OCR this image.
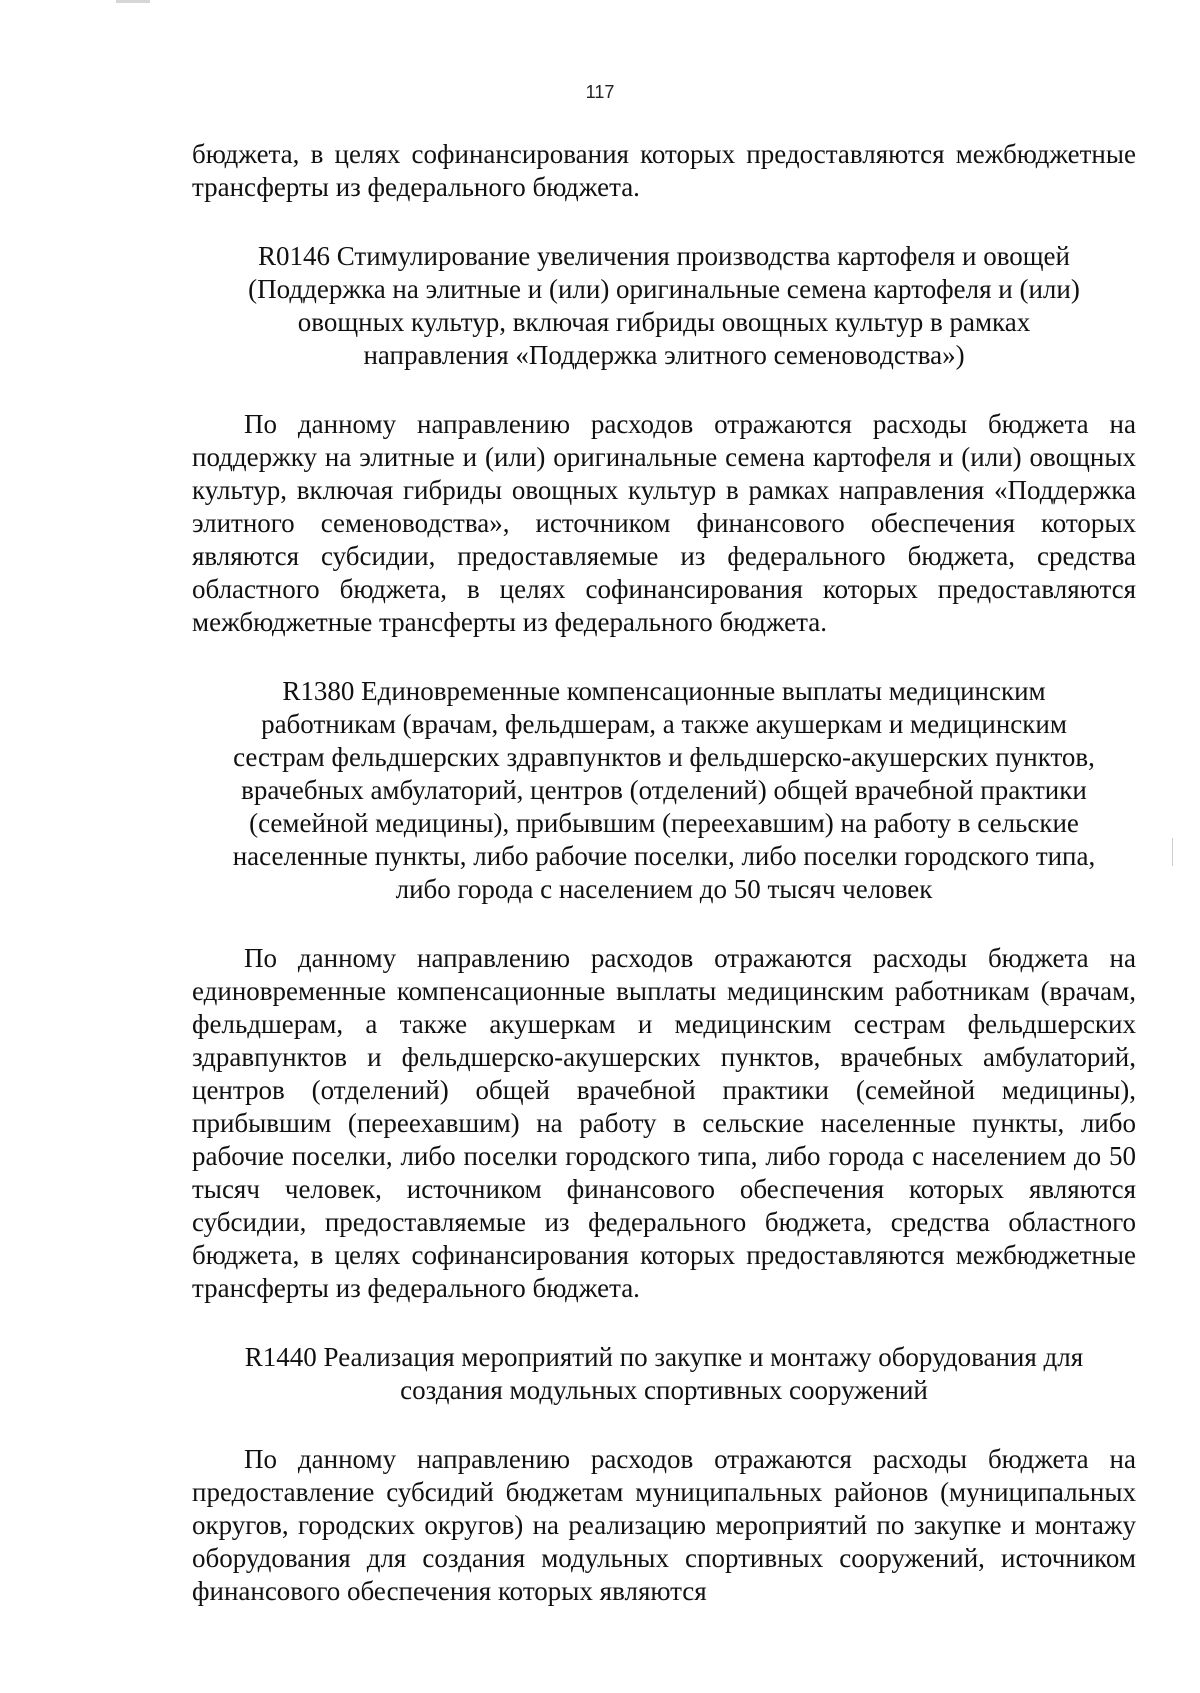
117

бюджета, в целях софинансирования которых предоставляются межбюджетные трансферты из федерального бюджета.

R0146 Стимулирование увеличения производства картофеля и овощей (Поддержка на элитные и (или) оригинальные семена картофеля и (или) овощных культур, включая гибриды овощных культур в рамках направления «Поддержка элитного семеноводства»)

По данному направлению расходов отражаются расходы бюджета на поддержку на элитные и (или) оригинальные семена картофеля и (или) овощных культур, включая гибриды овощных культур в рамках направления «Поддержка элитного семеноводства», источником финансового обеспечения которых являются субсидии, предоставляемые из федерального бюджета, средства областного бюджета, в целях софинансирования которых предоставляются межбюджетные трансферты из федерального бюджета.

R1380 Единовременные компенсационные выплаты медицинским работникам (врачам, фельдшерам, а также акушеркам и медицинским сестрам фельдшерских здравпунктов и фельдшерско-акушерских пунктов, врачебных амбулаторий, центров (отделений) общей врачебной практики (семейной медицины), прибывшим (переехавшим) на работу в сельские населенные пункты, либо рабочие поселки, либо поселки городского типа, либо города с населением до 50 тысяч человек

По данному направлению расходов отражаются расходы бюджета на единовременные компенсационные выплаты медицинским работникам (врачам, фельдшерам, а также акушеркам и медицинским сестрам фельдшерских здравпунктов и фельдшерско-акушерских пунктов, врачебных амбулаторий, центров (отделений) общей врачебной практики (семейной медицины), прибывшим (переехавшим) на работу в сельские населенные пункты, либо рабочие поселки, либо поселки городского типа, либо города с населением до 50 тысяч человек, источником финансового обеспечения которых являются субсидии, предоставляемые из федерального бюджета, средства областного бюджета, в целях софинансирования которых предоставляются межбюджетные трансферты из федерального бюджета.

R1440 Реализация мероприятий по закупке и монтажу оборудования для создания модульных спортивных сооружений

По данному направлению расходов отражаются расходы бюджета на предоставление субсидий бюджетам муниципальных районов (муниципальных округов, городских округов) на реализацию мероприятий по закупке и монтажу оборудования для создания модульных спортивных сооружений, источником финансового обеспечения которых являются
